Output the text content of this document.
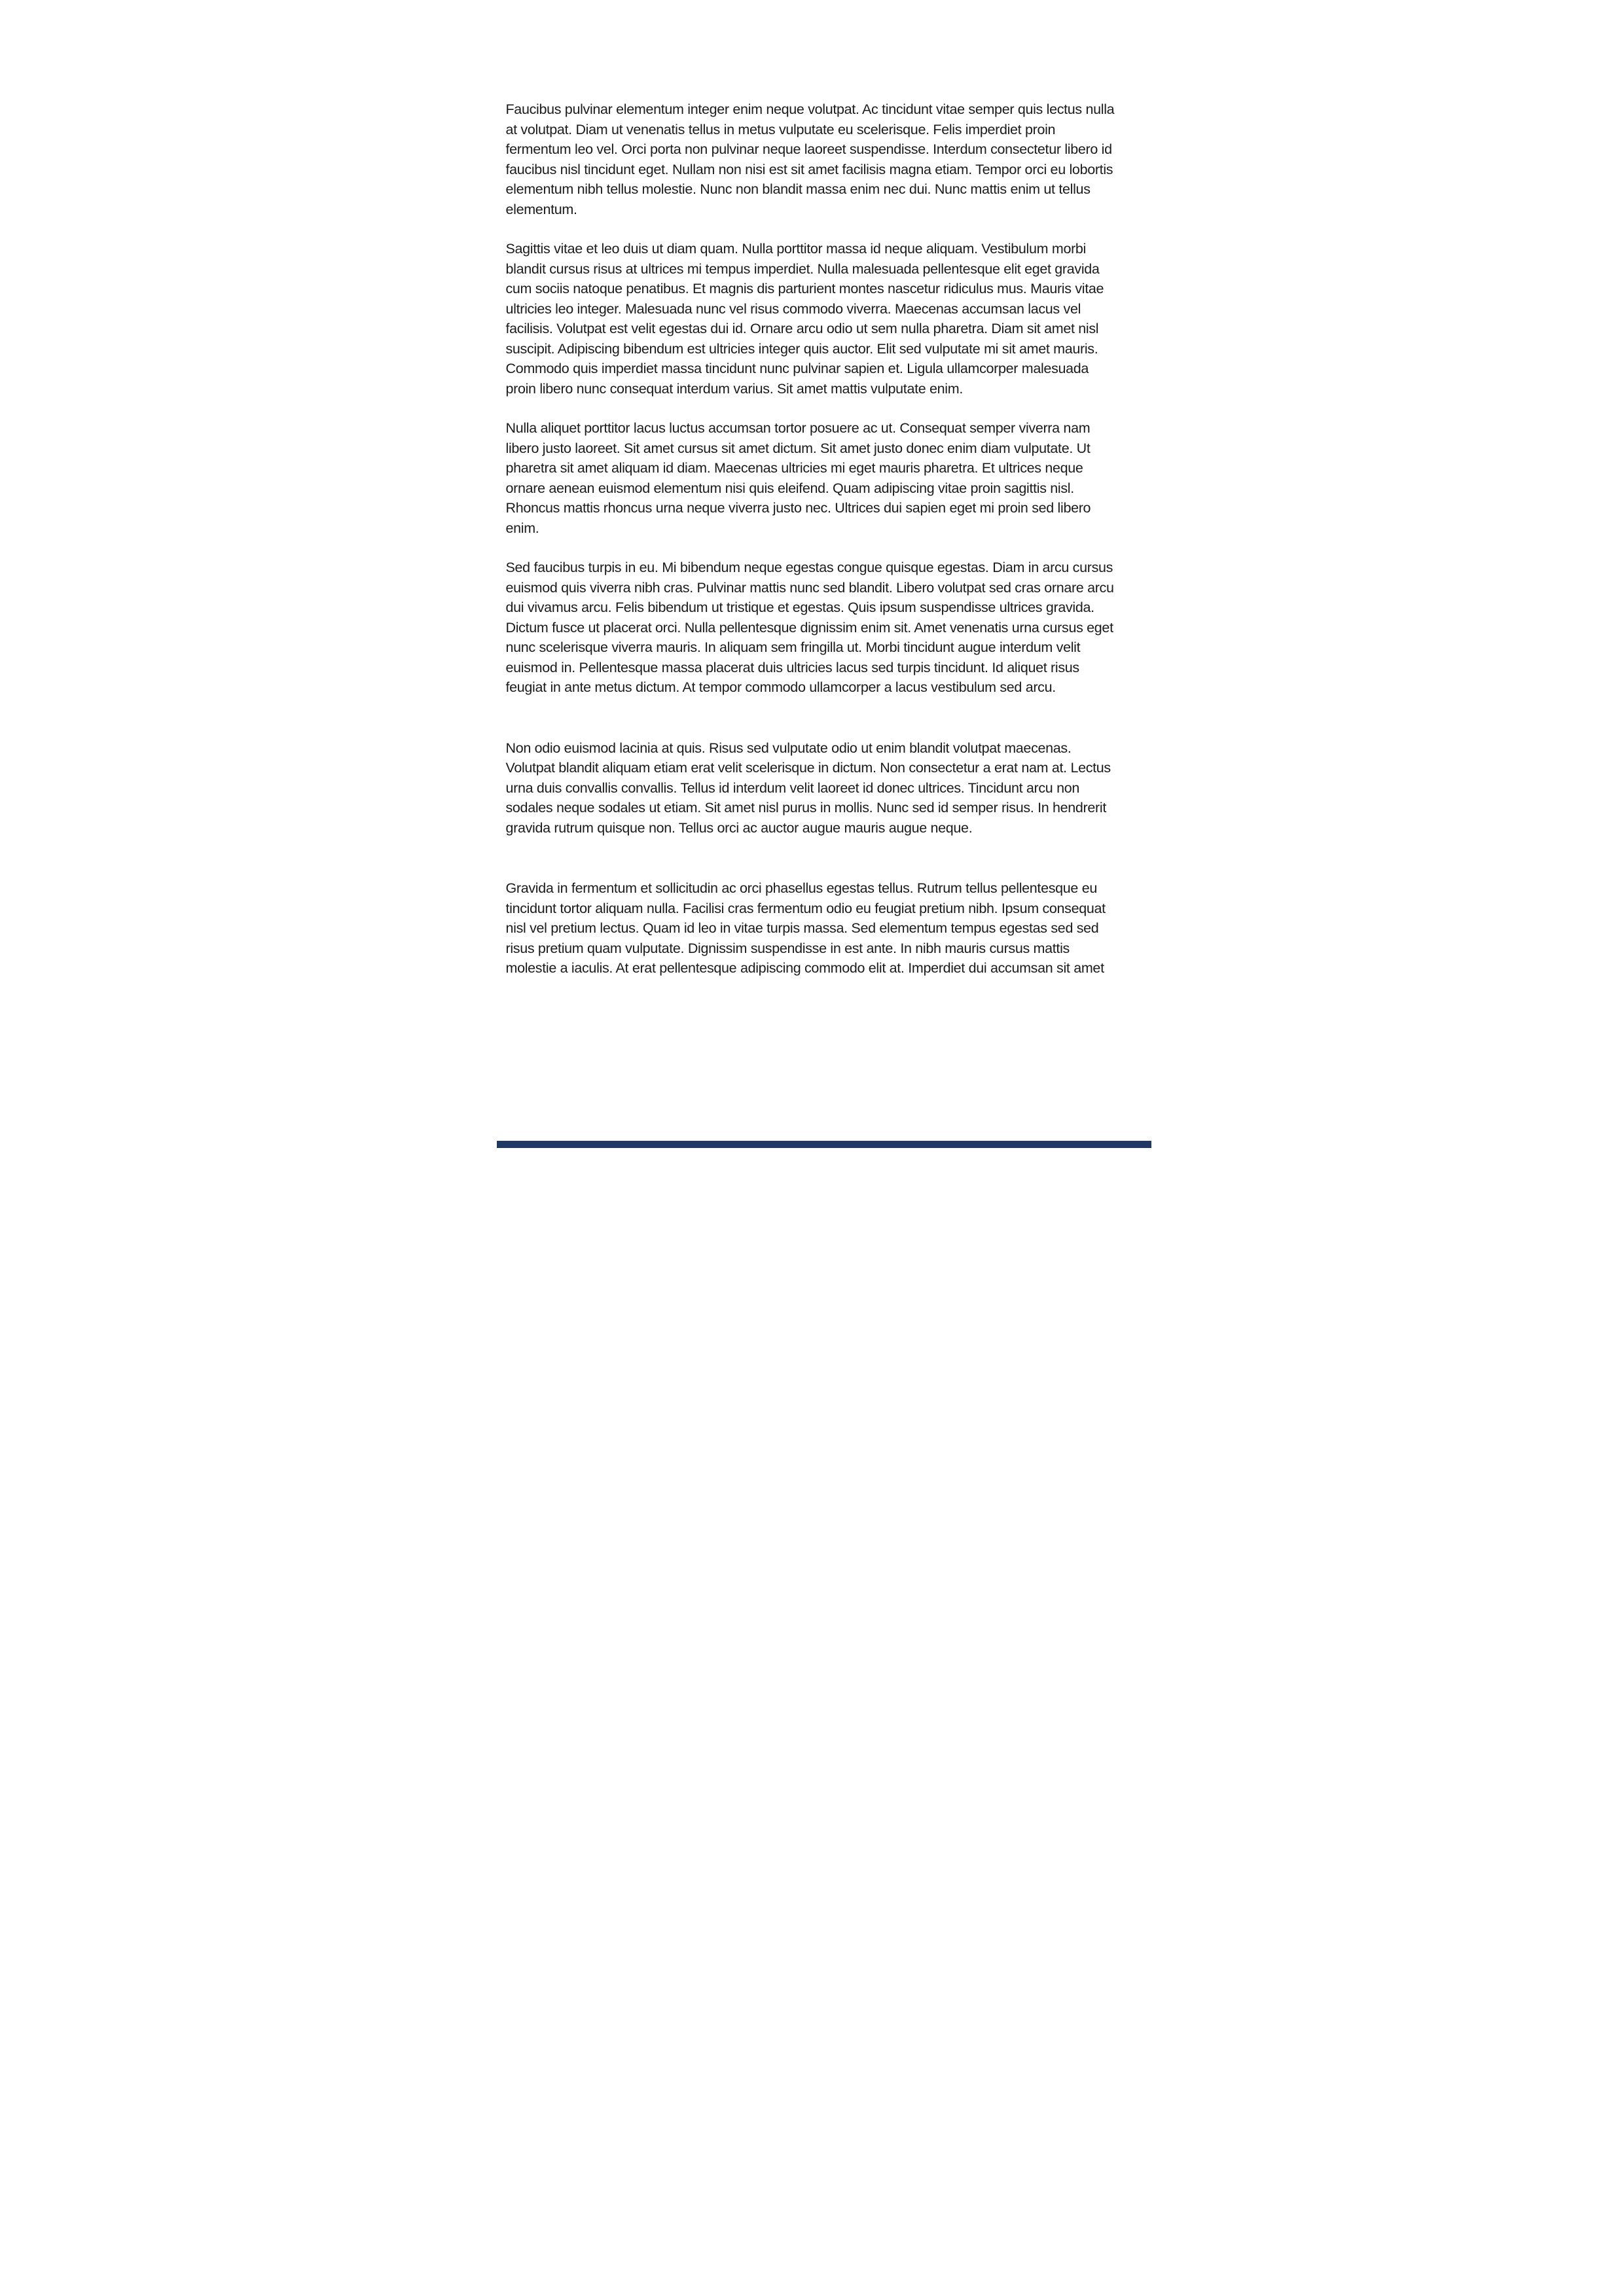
Faucibus pulvinar elementum integer enim neque volutpat. Ac tincidunt vitae semper quis lectus nulla at volutpat. Diam ut venenatis tellus in metus vulputate eu scelerisque. Felis imperdiet proin fermentum leo vel. Orci porta non pulvinar neque laoreet suspendisse. Interdum consectetur libero id faucibus nisl tincidunt eget. Nullam non nisi est sit amet facilisis magna etiam. Tempor orci eu lobortis elementum nibh tellus molestie. Nunc non blandit massa enim nec dui. Nunc mattis enim ut tellus elementum.

Sagittis vitae et leo duis ut diam quam. Nulla porttitor massa id neque aliquam. Vestibulum morbi blandit cursus risus at ultrices mi tempus imperdiet. Nulla malesuada pellentesque elit eget gravida cum sociis natoque penatibus. Et magnis dis parturient montes nascetur ridiculus mus. Mauris vitae ultricies leo integer. Malesuada nunc vel risus commodo viverra. Maecenas accumsan lacus vel facilisis. Volutpat est velit egestas dui id. Ornare arcu odio ut sem nulla pharetra. Diam sit amet nisl suscipit. Adipiscing bibendum est ultricies integer quis auctor. Elit sed vulputate mi sit amet mauris. Commodo quis imperdiet massa tincidunt nunc pulvinar sapien et. Ligula ullamcorper malesuada proin libero nunc consequat interdum varius. Sit amet mattis vulputate enim.

Nulla aliquet porttitor lacus luctus accumsan tortor posuere ac ut. Consequat semper viverra nam libero justo laoreet. Sit amet cursus sit amet dictum. Sit amet justo donec enim diam vulputate. Ut pharetra sit amet aliquam id diam. Maecenas ultricies mi eget mauris pharetra. Et ultrices neque ornare aenean euismod elementum nisi quis eleifend. Quam adipiscing vitae proin sagittis nisl. Rhoncus mattis rhoncus urna neque viverra justo nec. Ultrices dui sapien eget mi proin sed libero enim.

Sed faucibus turpis in eu. Mi bibendum neque egestas congue quisque egestas. Diam in arcu cursus euismod quis viverra nibh cras. Pulvinar mattis nunc sed blandit. Libero volutpat sed cras ornare arcu dui vivamus arcu. Felis bibendum ut tristique et egestas. Quis ipsum suspendisse ultrices gravida. Dictum fusce ut placerat orci. Nulla pellentesque dignissim enim sit. Amet venenatis urna cursus eget nunc scelerisque viverra mauris. In aliquam sem fringilla ut. Morbi tincidunt augue interdum velit euismod in. Pellentesque massa placerat duis ultricies lacus sed turpis tincidunt. Id aliquet risus feugiat in ante metus dictum. At tempor commodo ullamcorper a lacus vestibulum sed arcu.

Non odio euismod lacinia at quis. Risus sed vulputate odio ut enim blandit volutpat maecenas. Volutpat blandit aliquam etiam erat velit scelerisque in dictum. Non consectetur a erat nam at. Lectus urna duis convallis convallis. Tellus id interdum velit laoreet id donec ultrices. Tincidunt arcu non sodales neque sodales ut etiam. Sit amet nisl purus in mollis. Nunc sed id semper risus. In hendrerit gravida rutrum quisque non. Tellus orci ac auctor augue mauris augue neque.

Gravida in fermentum et sollicitudin ac orci phasellus egestas tellus. Rutrum tellus pellentesque eu tincidunt tortor aliquam nulla. Facilisi cras fermentum odio eu feugiat pretium nibh. Ipsum consequat nisl vel pretium lectus. Quam id leo in vitae turpis massa. Sed elementum tempus egestas sed sed risus pretium quam vulputate. Dignissim suspendisse in est ante. In nibh mauris cursus mattis molestie a iaculis. At erat pellentesque adipiscing commodo elit at. Imperdiet dui accumsan sit amet
